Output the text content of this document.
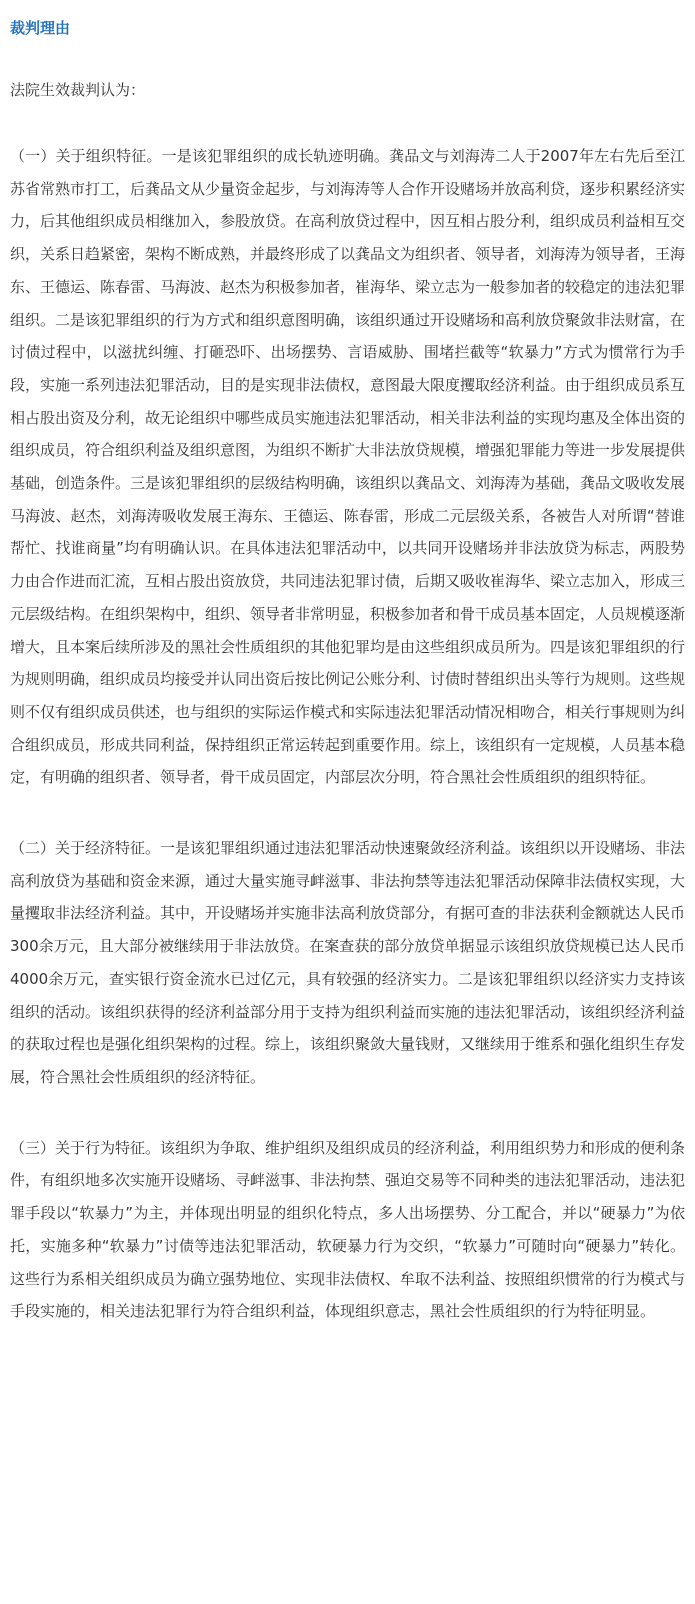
裁判理由

法院生效裁判认为：

（一）关于组织特征。一是该犯罪组织的成长轨迹明确。龚品文与刘海涛二人于2007年左右先后至江苏省常熟市打工，后龚品文从少量资金起步，与刘海涛等人合作开设赌场并放高利贷，逐步积累经济实力，后其他组织成员相继加入，参股放贷。在高利放贷过程中，因互相占股分利，组织成员利益相互交织，关系日趋紧密，架构不断成熟，并最终形成了以龚品文为组织者、领导者，刘海涛为领导者，王海东、王德运、陈春雷、马海波、赵杰为积极参加者，崔海华、梁立志为一般参加者的较稳定的违法犯罪组织。二是该犯罪组织的行为方式和组织意图明确，该组织通过开设赌场和高利放贷聚敛非法财富，在讨债过程中，以滋扰纠缠、打砸恐吓、出场摆势、言语威胁、围堵拦截等“软暴力”方式为惯常行为手段，实施一系列违法犯罪活动，目的是实现非法债权，意图最大限度攫取经济利益。由于组织成员系互相占股出资及分利，故无论组织中哪些成员实施违法犯罪活动，相关非法利益的实现均惠及全体出资的组织成员，符合组织利益及组织意图，为组织不断扩大非法放贷规模，增强犯罪能力等进一步发展提供基础，创造条件。三是该犯罪组织的层级结构明确，该组织以龚品文、刘海涛为基础，龚品文吸收发展马海波、赵杰，刘海涛吸收发展王海东、王德运、陈春雷，形成二元层级关系，各被告人对所谓“替谁帮忙、找谁商量”均有明确认识。在具体违法犯罪活动中，以共同开设赌场并非法放贷为标志，两股势力由合作进而汇流，互相占股出资放贷，共同违法犯罪讨债，后期又吸收崔海华、梁立志加入，形成三元层级结构。在组织架构中，组织、领导者非常明显，积极参加者和骨干成员基本固定，人员规模逐渐增大，且本案后续所涉及的黑社会性质组织的其他犯罪均是由这些组织成员所为。四是该犯罪组织的行为规则明确，组织成员均接受并认同出资后按比例记公账分利、讨债时替组织出头等行为规则。这些规则不仅有组织成员供述，也与组织的实际运作模式和实际违法犯罪活动情况相吻合，相关行事规则为纠合组织成员，形成共同利益，保持组织正常运转起到重要作用。综上，该组织有一定规模，人员基本稳定，有明确的组织者、领导者，骨干成员固定，内部层次分明，符合黑社会性质组织的组织特征。

（二）关于经济特征。一是该犯罪组织通过违法犯罪活动快速聚敛经济利益。该组织以开设赌场、非法高利放贷为基础和资金来源，通过大量实施寻衅滋事、非法拘禁等违法犯罪活动保障非法债权实现，大量攫取非法经济利益。其中，开设赌场并实施非法高利放贷部分，有据可查的非法获利金额就达人民币300余万元，且大部分被继续用于非法放贷。在案查获的部分放贷单据显示该组织放贷规模已达人民币4000余万元，查实银行资金流水已过亿元，具有较强的经济实力。二是该犯罪组织以经济实力支持该组织的活动。该组织获得的经济利益部分用于支持为组织利益而实施的违法犯罪活动，该组织经济利益的获取过程也是强化组织架构的过程。综上，该组织聚敛大量钱财，又继续用于维系和强化组织生存发展，符合黑社会性质组织的经济特征。

（三）关于行为特征。该组织为争取、维护组织及组织成员的经济利益，利用组织势力和形成的便利条件，有组织地多次实施开设赌场、寻衅滋事、非法拘禁、强迫交易等不同种类的违法犯罪活动，违法犯罪手段以“软暴力”为主，并体现出明显的组织化特点，多人出场摆势、分工配合，并以“硬暴力”为依托，实施多种“软暴力”讨债等违法犯罪活动，软硬暴力行为交织，“软暴力”可随时向“硬暴力”转化。这些行为系相关组织成员为确立强势地位、实现非法债权、牟取不法利益、按照组织惯常的行为模式与手段实施的，相关违法犯罪行为符合组织利益，体现组织意志，黑社会性质组织的行为特征明显。
